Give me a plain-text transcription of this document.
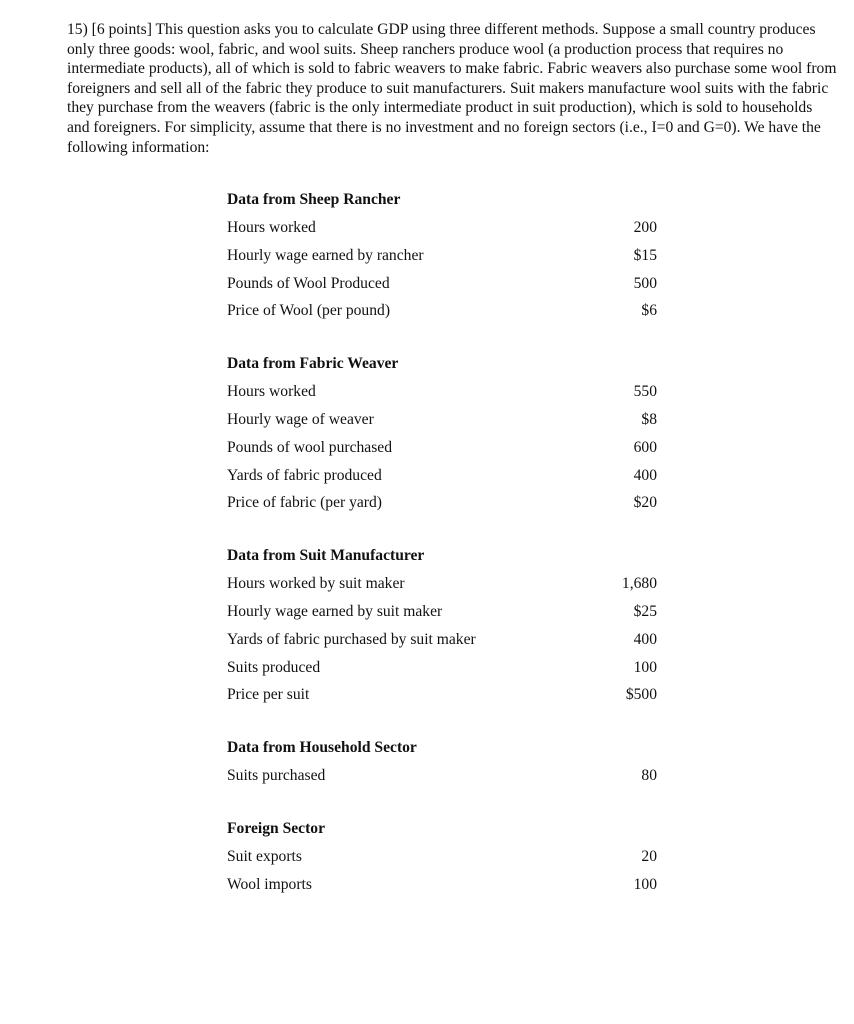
15) [6 points] This question asks you to calculate GDP using three different methods. Suppose a small country produces only three goods: wool, fabric, and wool suits. Sheep ranchers produce wool (a production process that requires no intermediate products), all of which is sold to fabric weavers to make fabric. Fabric weavers also purchase some wool from foreigners and sell all of the fabric they produce to suit manufacturers. Suit makers manufacture wool suits with the fabric they purchase from the weavers (fabric is the only intermediate product in suit production), which is sold to households and foreigners. For simplicity, assume that there is no investment and no foreign sectors (i.e., I=0 and G=0). We have the following information:

Data from Sheep Rancher
Hours worked	200
Hourly wage earned by rancher	$15
Pounds of Wool Produced	500
Price of Wool (per pound)	$6
Data from Fabric Weaver
Hours worked	550
Hourly wage of weaver	$8
Pounds of wool purchased	600
Yards of fabric produced	400
Price of fabric (per yard)	$20
Data from Suit Manufacturer
Hours worked by suit maker	1,680
Hourly wage earned by suit maker	$25
Yards of fabric purchased by suit maker	400
Suits produced	100
Price per suit	$500
Data from Household Sector
Suits purchased	80
Foreign Sector
Suit exports	20
Wool imports	100
